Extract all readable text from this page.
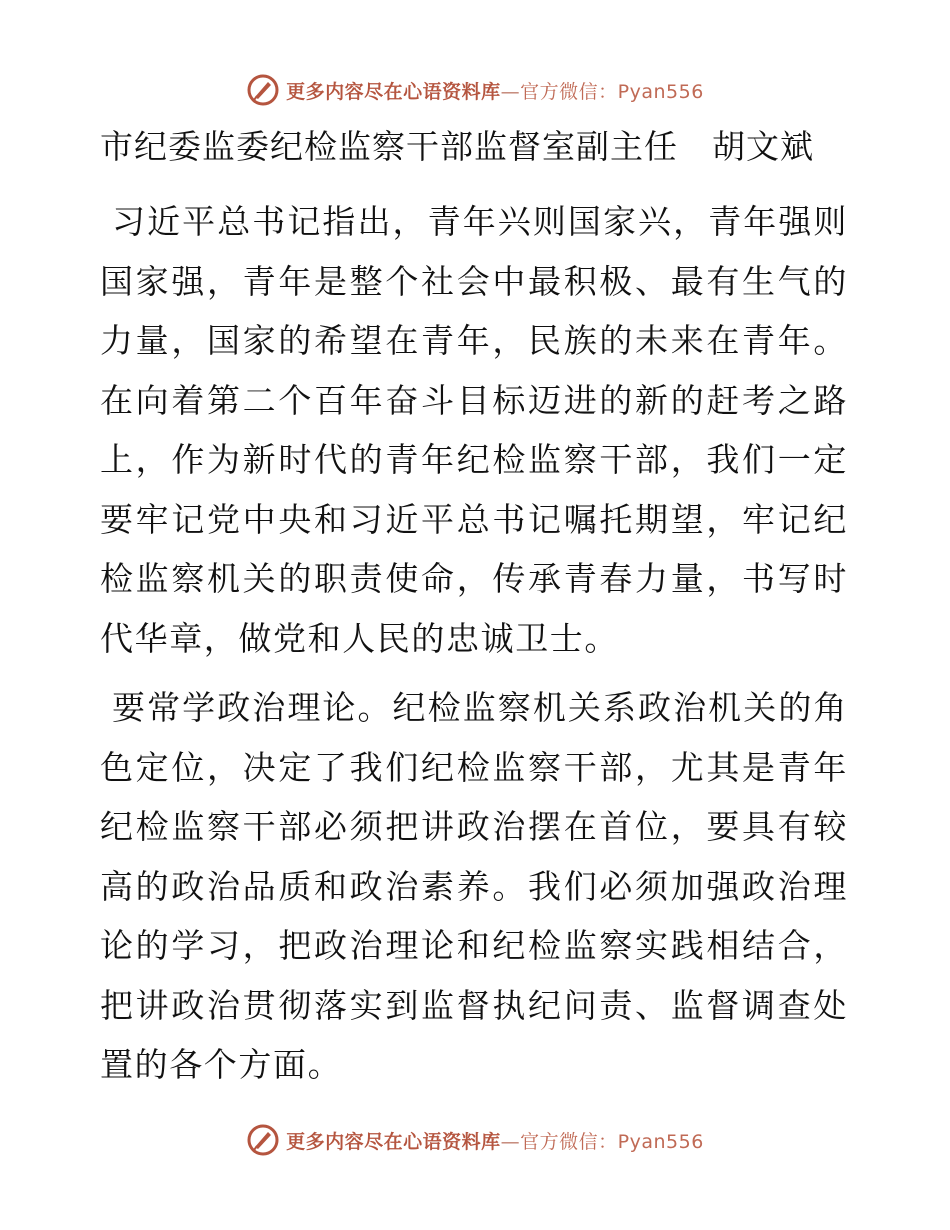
更多内容尽在心语资料库—官方微信：Pyan556
市纪委监委纪检监察干部监督室副主任　胡文斌

习近平总书记指出，青年兴则国家兴，青年强则国家强，青年是整个社会中最积极、最有生气的力量，国家的希望在青年，民族的未来在青年。在向着第二个百年奋斗目标迈进的新的赶考之路上，作为新时代的青年纪检监察干部，我们一定要牢记党中央和习近平总书记嘱托期望，牢记纪检监察机关的职责使命，传承青春力量，书写时代华章，做党和人民的忠诚卫士。

要常学政治理论。纪检监察机关系政治机关的角色定位，决定了我们纪检监察干部，尤其是青年纪检监察干部必须把讲政治摆在首位，要具有较高的政治品质和政治素养。我们必须加强政治理论的学习，把政治理论和纪检监察实践相结合，把讲政治贯彻落实到监督执纪问责、监督调查处置的各个方面。

更多内容尽在心语资料库—官方微信：Pyan556
